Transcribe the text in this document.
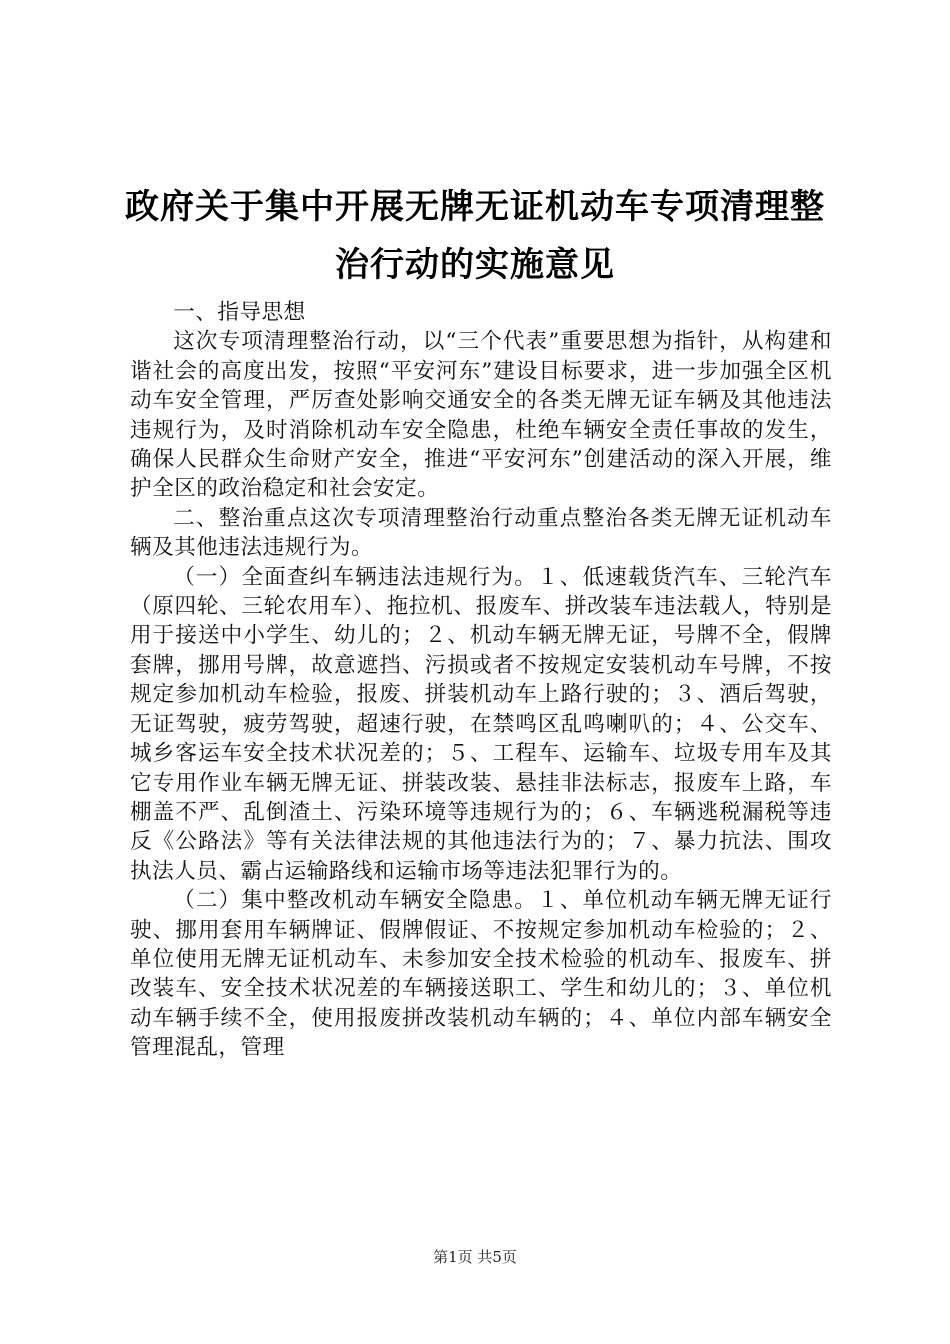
政府关于集中开展无牌无证机动车专项清理整
治行动的实施意见

一、指导思想

这次专项清理整治行动，以“三个代表”重要思想为指针，从构建和谐社会的高度出发，按照“平安河东”建设目标要求，进一步加强全区机动车安全管理，严厉查处影响交通安全的各类无牌无证车辆及其他违法违规行为，及时消除机动车安全隐患，杜绝车辆安全责任事故的发生，确保人民群众生命财产安全，推进“平安河东”创建活动的深入开展，维护全区的政治稳定和社会安定。

二、整治重点这次专项清理整治行动重点整治各类无牌无证机动车辆及其他违法违规行为。

（一）全面查纠车辆违法违规行为。１、低速载货汽车、三轮汽车（原四轮、三轮农用车）、拖拉机、报废车、拼改装车违法载人，特别是用于接送中小学生、幼儿的；２、机动车辆无牌无证，号牌不全，假牌套牌，挪用号牌，故意遮挡、污损或者不按规定安装机动车号牌，不按规定参加机动车检验，报废、拼装机动车上路行驶的；３、酒后驾驶，无证驾驶，疲劳驾驶，超速行驶，在禁鸣区乱鸣喇叭的；４、公交车、城乡客运车安全技术状况差的；５、工程车、运输车、垃圾专用车及其它专用作业车辆无牌无证、拼装改装、悬挂非法标志，报废车上路，车棚盖不严、乱倒渣土、污染环境等违规行为的；６、车辆逃税漏税等违反《公路法》等有关法律法规的其他违法行为的；７、暴力抗法、围攻执法人员、霸占运输路线和运输市场等违法犯罪行为的。

（二）集中整改机动车辆安全隐患。１、单位机动车辆无牌无证行驶、挪用套用车辆牌证、假牌假证、不按规定参加机动车检验的；２、单位使用无牌无证机动车、未参加安全技术检验的机动车、报废车、拼改装车、安全技术状况差的车辆接送职工、学生和幼儿的；３、单位机动车辆手续不全，使用报废拼改装机动车辆的；４、单位内部车辆安全管理混乱，管理

第1页 共5页
